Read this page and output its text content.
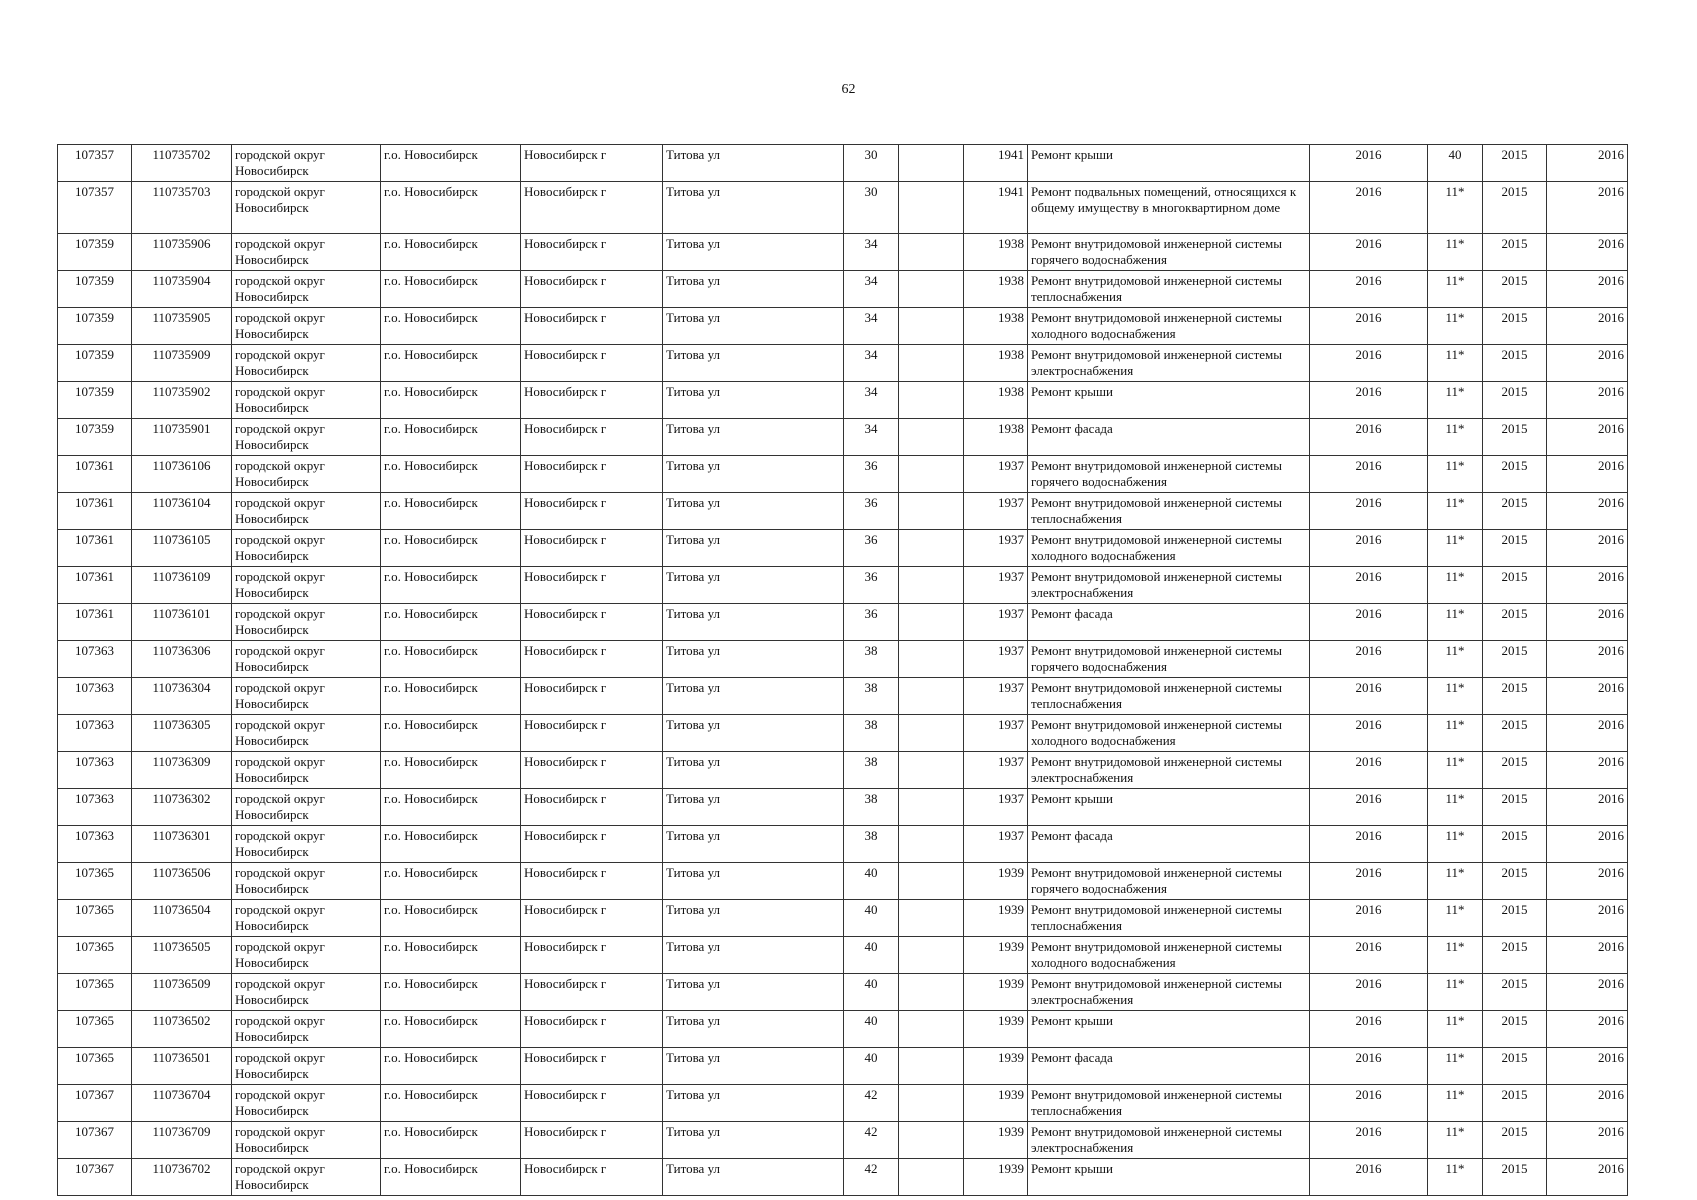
62
107357	110735702	городской округ Новосибирск	г.о. Новосибирск	Новосибирск г	Титова ул	30		1941	Ремонт крыши	2016	40	2015	2016
107357	110735703	городской округ Новосибирск	г.о. Новосибирск	Новосибирск г	Титова ул	30		1941	Ремонт подвальных помещений, относящихся к общему имуществу в многоквартирном доме	2016	11*	2015	2016
107359	110735906	городской округ Новосибирск	г.о. Новосибирск	Новосибирск г	Титова ул	34		1938	Ремонт внутридомовой инженерной системы горячего водоснабжения	2016	11*	2015	2016
107359	110735904	городской округ Новосибирск	г.о. Новосибирск	Новосибирск г	Титова ул	34		1938	Ремонт внутридомовой инженерной системы теплоснабжения	2016	11*	2015	2016
107359	110735905	городской округ Новосибирск	г.о. Новосибирск	Новосибирск г	Титова ул	34		1938	Ремонт внутридомовой инженерной системы холодного водоснабжения	2016	11*	2015	2016
107359	110735909	городской округ Новосибирск	г.о. Новосибирск	Новосибирск г	Титова ул	34		1938	Ремонт внутридомовой инженерной системы электроснабжения	2016	11*	2015	2016
107359	110735902	городской округ Новосибирск	г.о. Новосибирск	Новосибирск г	Титова ул	34		1938	Ремонт крыши	2016	11*	2015	2016
107359	110735901	городской округ Новосибирск	г.о. Новосибирск	Новосибирск г	Титова ул	34		1938	Ремонт фасада	2016	11*	2015	2016
107361	110736106	городской округ Новосибирск	г.о. Новосибирск	Новосибирск г	Титова ул	36		1937	Ремонт внутридомовой инженерной системы горячего водоснабжения	2016	11*	2015	2016
107361	110736104	городской округ Новосибирск	г.о. Новосибирск	Новосибирск г	Титова ул	36		1937	Ремонт внутридомовой инженерной системы теплоснабжения	2016	11*	2015	2016
107361	110736105	городской округ Новосибирск	г.о. Новосибирск	Новосибирск г	Титова ул	36		1937	Ремонт внутридомовой инженерной системы холодного водоснабжения	2016	11*	2015	2016
107361	110736109	городской округ Новосибирск	г.о. Новосибирск	Новосибирск г	Титова ул	36		1937	Ремонт внутридомовой инженерной системы электроснабжения	2016	11*	2015	2016
107361	110736101	городской округ Новосибирск	г.о. Новосибирск	Новосибирск г	Титова ул	36		1937	Ремонт фасада	2016	11*	2015	2016
107363	110736306	городской округ Новосибирск	г.о. Новосибирск	Новосибирск г	Титова ул	38		1937	Ремонт внутридомовой инженерной системы горячего водоснабжения	2016	11*	2015	2016
107363	110736304	городской округ Новосибирск	г.о. Новосибирск	Новосибирск г	Титова ул	38		1937	Ремонт внутридомовой инженерной системы теплоснабжения	2016	11*	2015	2016
107363	110736305	городской округ Новосибирск	г.о. Новосибирск	Новосибирск г	Титова ул	38		1937	Ремонт внутридомовой инженерной системы холодного водоснабжения	2016	11*	2015	2016
107363	110736309	городской округ Новосибирск	г.о. Новосибирск	Новосибирск г	Титова ул	38		1937	Ремонт внутридомовой инженерной системы электроснабжения	2016	11*	2015	2016
107363	110736302	городской округ Новосибирск	г.о. Новосибирск	Новосибирск г	Титова ул	38		1937	Ремонт крыши	2016	11*	2015	2016
107363	110736301	городской округ Новосибирск	г.о. Новосибирск	Новосибирск г	Титова ул	38		1937	Ремонт фасада	2016	11*	2015	2016
107365	110736506	городской округ Новосибирск	г.о. Новосибирск	Новосибирск г	Титова ул	40		1939	Ремонт внутридомовой инженерной системы горячего водоснабжения	2016	11*	2015	2016
107365	110736504	городской округ Новосибирск	г.о. Новосибирск	Новосибирск г	Титова ул	40		1939	Ремонт внутридомовой инженерной системы теплоснабжения	2016	11*	2015	2016
107365	110736505	городской округ Новосибирск	г.о. Новосибирск	Новосибирск г	Титова ул	40		1939	Ремонт внутридомовой инженерной системы холодного водоснабжения	2016	11*	2015	2016
107365	110736509	городской округ Новосибирск	г.о. Новосибирск	Новосибирск г	Титова ул	40		1939	Ремонт внутридомовой инженерной системы электроснабжения	2016	11*	2015	2016
107365	110736502	городской округ Новосибирск	г.о. Новосибирск	Новосибирск г	Титова ул	40		1939	Ремонт крыши	2016	11*	2015	2016
107365	110736501	городской округ Новосибирск	г.о. Новосибирск	Новосибирск г	Титова ул	40		1939	Ремонт фасада	2016	11*	2015	2016
107367	110736704	городской округ Новосибирск	г.о. Новосибирск	Новосибирск г	Титова ул	42		1939	Ремонт внутридомовой инженерной системы теплоснабжения	2016	11*	2015	2016
107367	110736709	городской округ Новосибирск	г.о. Новосибирск	Новосибирск г	Титова ул	42		1939	Ремонт внутридомовой инженерной системы электроснабжения	2016	11*	2015	2016
107367	110736702	городской округ Новосибирск	г.о. Новосибирск	Новосибирск г	Титова ул	42		1939	Ремонт крыши	2016	11*	2015	2016
